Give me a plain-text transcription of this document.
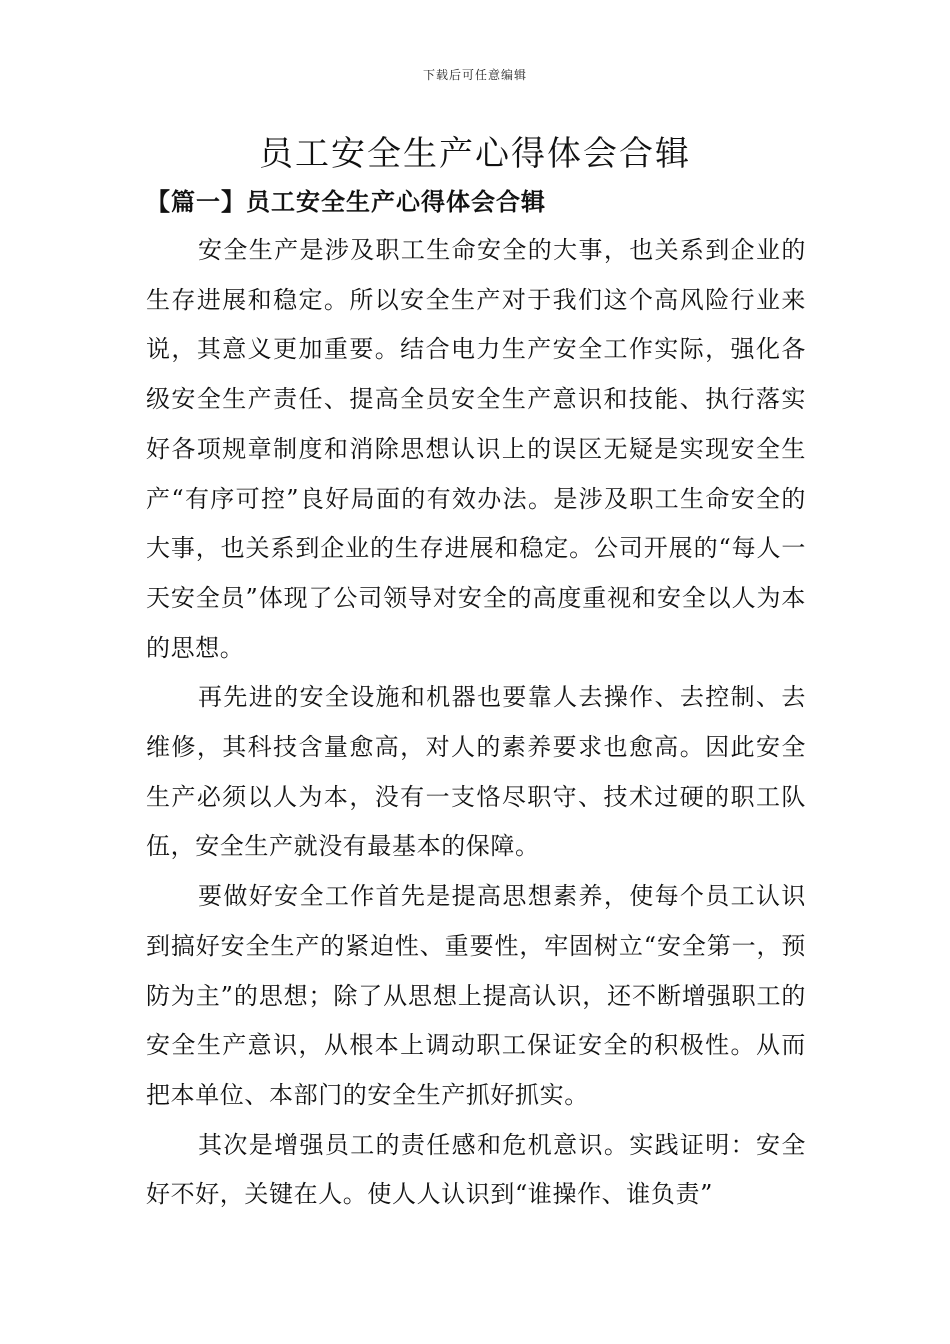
下载后可任意编辑
员工安全生产心得体会合辑
【篇一】员工安全生产心得体会合辑

安全生产是涉及职工生命安全的大事，也关系到企业的生存进展和稳定。所以安全生产对于我们这个高风险行业来说，其意义更加重要。结合电力生产安全工作实际，强化各级安全生产责任、提高全员安全生产意识和技能、执行落实好各项规章制度和消除思想认识上的误区无疑是实现安全生产“有序可控”良好局面的有效办法。是涉及职工生命安全的大事，也关系到企业的生存进展和稳定。公司开展的“每人一天安全员”体现了公司领导对安全的高度重视和安全以人为本的思想。

再先进的安全设施和机器也要靠人去操作、去控制、去维修，其科技含量愈高，对人的素养要求也愈高。因此安全生产必须以人为本，没有一支恪尽职守、技术过硬的职工队伍，安全生产就没有最基本的保障。

要做好安全工作首先是提高思想素养，使每个员工认识到搞好安全生产的紧迫性、重要性，牢固树立“安全第一，预防为主”的思想；除了从思想上提高认识，还不断增强职工的安全生产意识，从根本上调动职工保证安全的积极性。从而把本单位、本部门的安全生产抓好抓实。

其次是增强员工的责任感和危机意识。实践证明：安全好不好，关键在人。使人人认识到“谁操作、谁负责”
